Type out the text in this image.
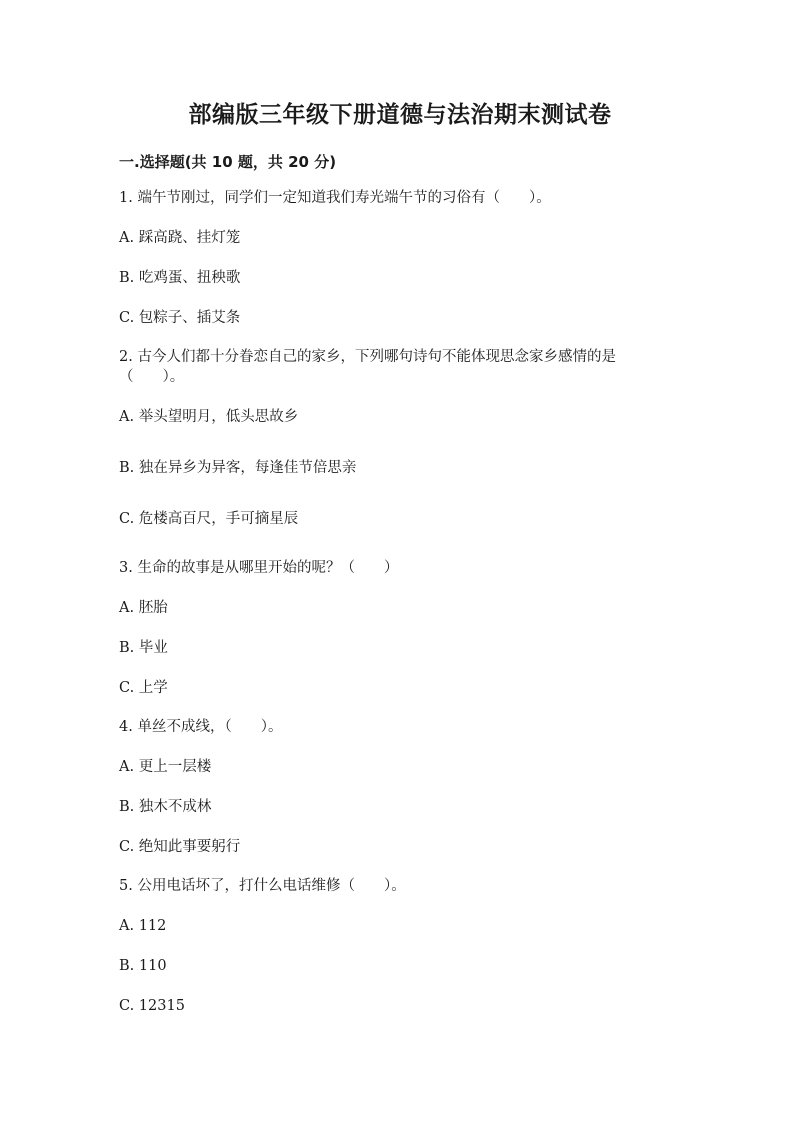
部编版三年级下册道德与法治期末测试卷
一.选择题(共 10 题，共 20 分)
1. 端午节刚过，同学们一定知道我们寿光端午节的习俗有（　　）。
A. 踩高跷、挂灯笼
B. 吃鸡蛋、扭秧歌
C. 包粽子、插艾条
2. 古今人们都十分眷恋自己的家乡，下列哪句诗句不能体现思念家乡感情的是（　　）。
A. 举头望明月，低头思故乡
B. 独在异乡为异客，每逢佳节倍思亲
C. 危楼高百尺，手可摘星辰
3. 生命的故事是从哪里开始的呢？（　　）
A. 胚胎
B. 毕业
C. 上学
4. 单丝不成线，（　　）。
A. 更上一层楼
B. 独木不成林
C. 绝知此事要躬行
5. 公用电话坏了，打什么电话维修（　　）。
A. 112
B. 110
C. 12315
